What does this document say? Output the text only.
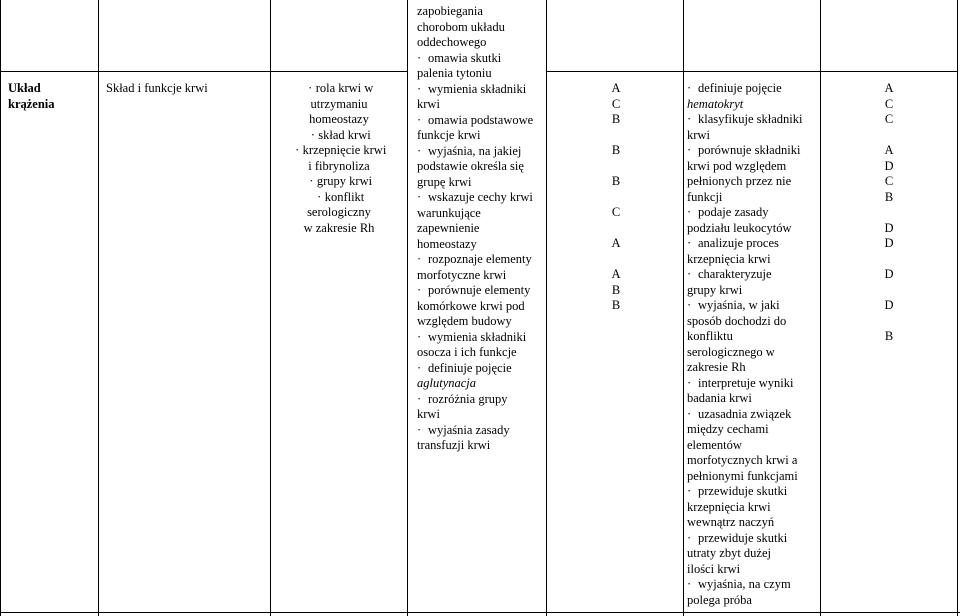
Układ
krążenia
Skład i funkcje krwi	· rola krwi w
utrzymaniu
homeostazy
· skład krwi
· krzepnięcie krwi
i fibrynoliza
· grupy krwi
· konflikt
serologiczny
w zakresie Rh
zapobiegania
chorobom układu
oddechowego
· omawia skutki
palenia tytoniu
· wymienia składniki
krwi
· omawia podstawowe
funkcje krwi
· wyjaśnia, na jakiej
podstawie określa się
grupę krwi
· wskazuje cechy krwi
warunkujące
zapewnienie
homeostazy
· rozpoznaje elementy
morfotyczne krwi
· porównuje elementy
komórkowe krwi pod
względem budowy
· wymienia składniki
osocza i ich funkcje
· definiuje pojęcie
aglutynacja
· rozróżnia grupy
krwi
· wyjaśnia zasady
transfuzji krwi
A
C
B
B
B
C
A
A
B
B
· definiuje pojęcie
hematokryt
· klasyfikuje składniki
krwi
· porównuje składniki
krwi pod względem
pełnionych przez nie
funkcji
· podaje zasady
podziału leukocytów
· analizuje proces
krzepnięcia krwi
· charakteryzuje
grupy krwi
· wyjaśnia, w jaki
sposób dochodzi do
konfliktu
serologicznego w
zakresie Rh
· interpretuje wyniki
badania krwi
· uzasadnia związek
między cechami
elementów
morfotycznych krwi a
pełnionymi funkcjami
· przewiduje skutki
krzepnięcia krwi
wewnątrz naczyń
· przewiduje skutki
utraty zbyt dużej
ilości krwi
· wyjaśnia, na czym
polega próba
A
C
C
A
D
C
B
D
D
D
D
B
